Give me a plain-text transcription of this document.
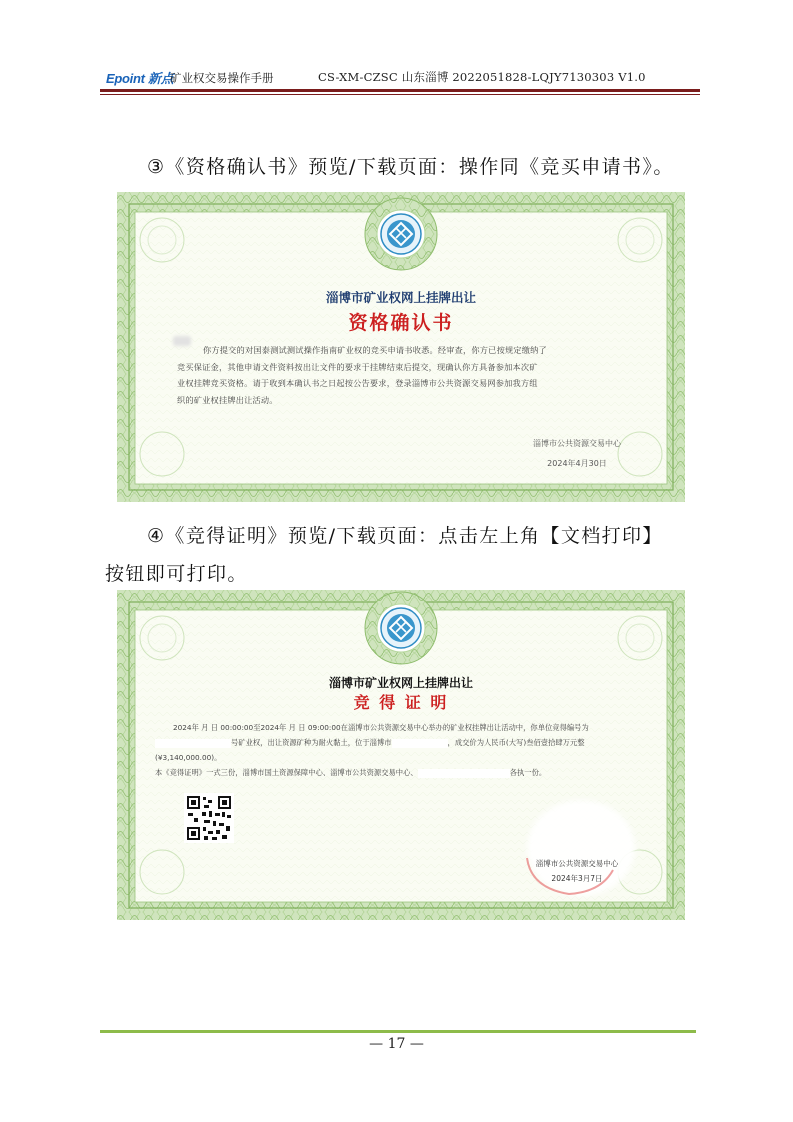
Epoint 新点
矿业权交易操作手册	CS-XM-CZSC 山东淄博 2022051828-LQJY7130303 V1.0
③《资格确认书》预览/下载页面：操作同《竞买申请书》。
淄博市矿业权网上挂牌出让
资格确认书
你方提交的对国泰测试测试操作指南矿业权的竞买申请书收悉。经审查，你方已按规定缴纳了
竞买保证金，其他申请文件资料按出让文件的要求于挂牌结束后提交，现确认你方具备参加本次矿
业权挂牌竞买资格。请于收到本确认书之日起按公告要求，登录淄博市公共资源交易网参加我方组
织的矿业权挂牌出让活动。
淄博市公共资源交易中心
2024年4月30日
④《竞得证明》预览/下载页面：点击左上角【文档打印】
按钮即可打印。
淄博市矿业权网上挂牌出让
竞 得 证 明
2024年 月 日 00:00:00至2024年 月 日 09:00:00在淄博市公共资源交易中心举办的矿业权挂牌出让活动中，你单位竞得编号为
号矿业权，出让资源矿种为耐火黏土，位于淄博市	，成交价为人民币(大写)叁佰壹拾肆万元整
(¥3,140,000.00)。
本《竞得证明》一式三份，淄博市国土资源保障中心、淄博市公共资源交易中心、	各执一份。
淄博市公共资源交易中心
2024年3月7日
— 17 —
